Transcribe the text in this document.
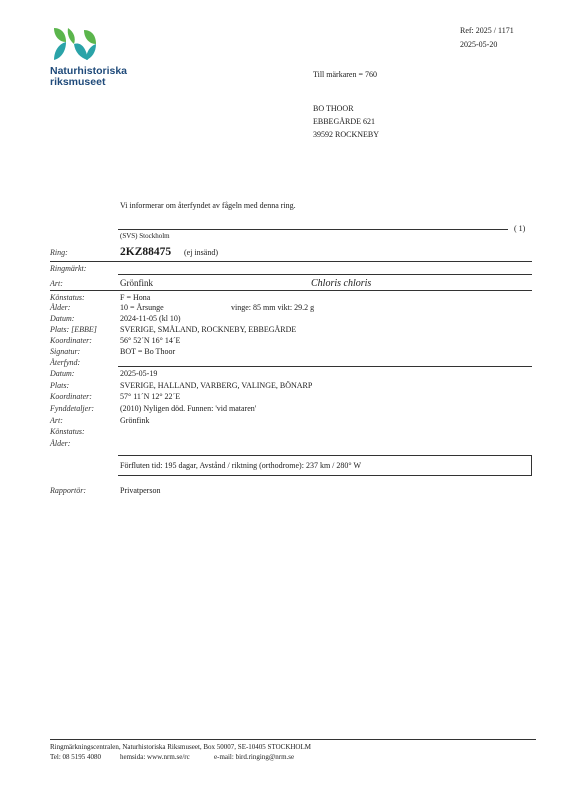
Naturhistoriska
riksmuseet
Ref: 2025 / 1171
2025-05-20
Till märkaren = 760
BO THOOR
EBBEGÅRDE 621
39592 ROCKNEBY
Vi informerar om återfyndet av fågeln med denna ring.
(SVS) Stockholm
( 1)
Ring:	2KZ88475 (ej insänd)
Ringmärkt:
Art:	Grönfink	Chloris chloris
Könstatus:	F = Hona
Ålder:	10 = Årsunge	vinge: 85 mm vikt: 29.2 g
Datum:	2024-11-05 (kl 10)
Plats: [EBBE]	SVERIGE, SMÅLAND, ROCKNEBY, EBBEGÅRDE
Koordinater:	56° 52´N 16° 14´E
Signatur:	BOT = Bo Thoor
Återfynd:
Datum:	2025-05-19
Plats:	SVERIGE, HALLAND, VARBERG, VALINGE, BÖNARP
Koordinater:	57° 11´N 12° 22´E
Fynddetaljer:	(2010) Nyligen död. Funnen: 'vid mataren'
Art:	Grönfink
Könstatus:
Ålder:
Förfluten tid: 195 dagar, Avstånd / riktning (orthodrome): 237 km / 280° W
Rapportör:	Privatperson
Ringmärkningscentralen, Naturhistoriska Riksmuseet, Box 50007, SE-10405 STOCKHOLM
Tel: 08 5195 4080	hemsida: www.nrm.se/rc	e-mail: bird.ringing@nrm.se
